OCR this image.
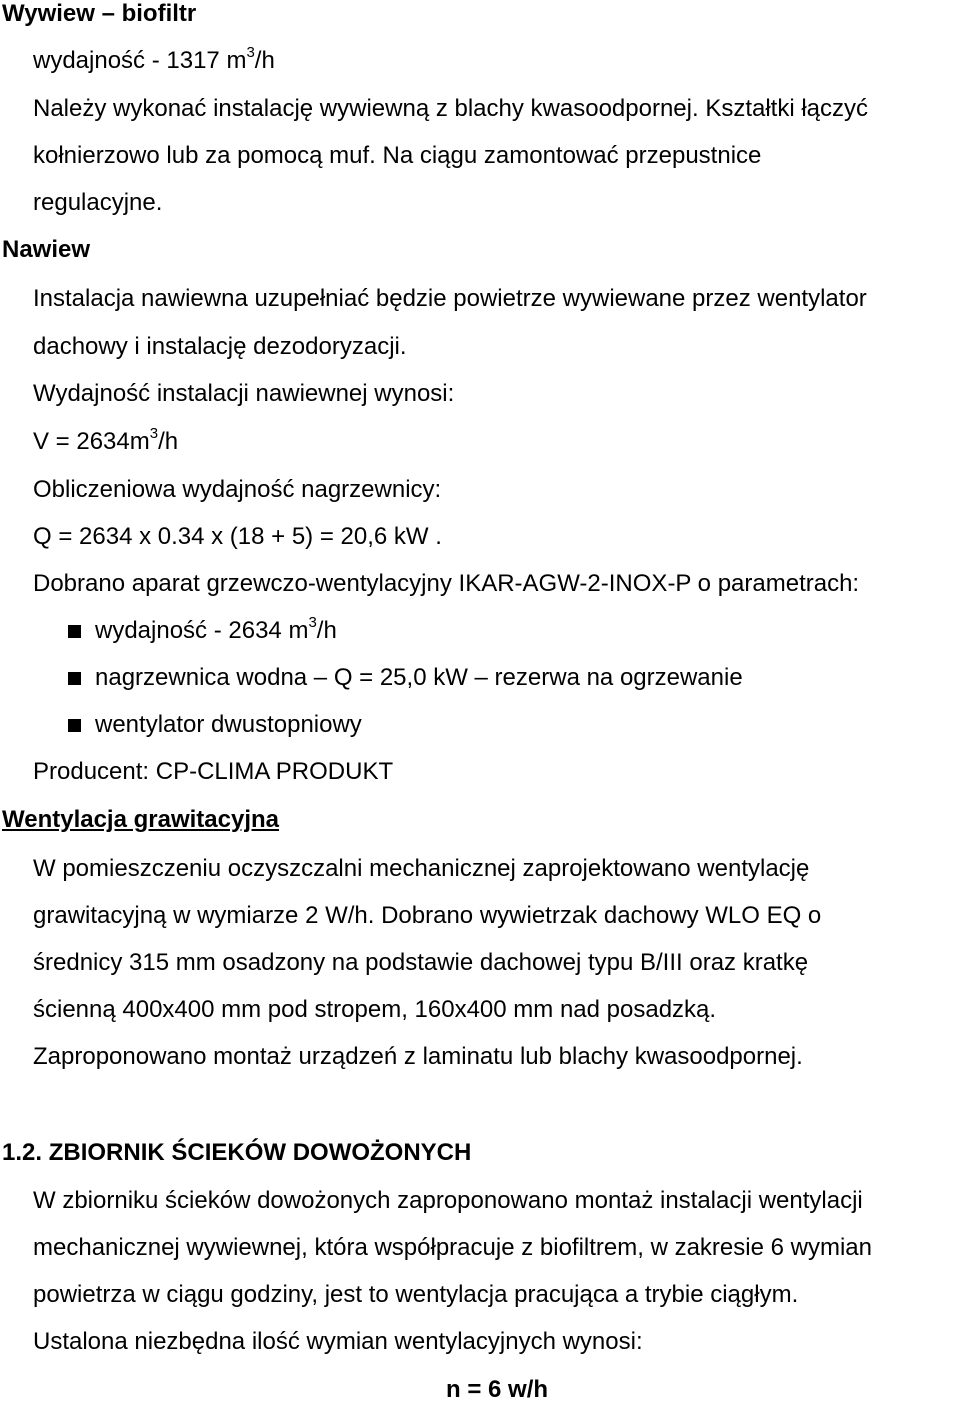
Wywiew – biofiltr
wydajność - 1317 $m^3/h$
Należy wykonać instalację wywiewną z blachy kwasoodpornej. Kształtki łączyć
kołnierzowo lub za pomocą muf. Na ciągu zamontować przepustnice
regulacyjne.
Nawiew
Instalacja nawiewna uzupełniać będzie powietrze wywiewane przez wentylator
dachowy i instalację dezodoryzacji.
Wydajność instalacji nawiewnej wynosi:
$V = 2634m^3/h$
Obliczeniowa wydajność nagrzewnicy:
Q = 2634 x 0.34 x (18 + 5) = 20,6 kW .
Dobrano aparat grzewczo-wentylacyjny IKAR-AGW-2-INOX-P o parametrach:
wydajność - 2634 $m^3/h$
nagrzewnica wodna – Q = 25,0 kW – rezerwa na ogrzewanie
wentylator dwustopniowy
Producent: CP-CLIMA PRODUKT
Wentylacja grawitacyjna
W pomieszczeniu oczyszczalni mechanicznej zaprojektowano wentylację
grawitacyjną w wymiarze 2 W/h. Dobrano wywietrzak dachowy WLO EQ o
średnicy 315 mm osadzony na podstawie dachowej typu B/III oraz kratkę
ścienną 400x400 mm pod stropem, 160x400 mm nad posadzką.
Zaproponowano montaż urządzeń z laminatu lub blachy kwasoodpornej.
1.2. ZBIORNIK ŚCIEKÓW DOWOŻONYCH
W zbiorniku ścieków dowożonych zaproponowano montaż instalacji wentylacji
mechanicznej wywiewnej, która współpracuje z biofiltrem, w zakresie 6 wymian
powietrza w ciągu godziny, jest to wentylacja pracująca a trybie ciągłym.
Ustalona niezbędna ilość wymian wentylacyjnych wynosi:
n = 6 w/h
